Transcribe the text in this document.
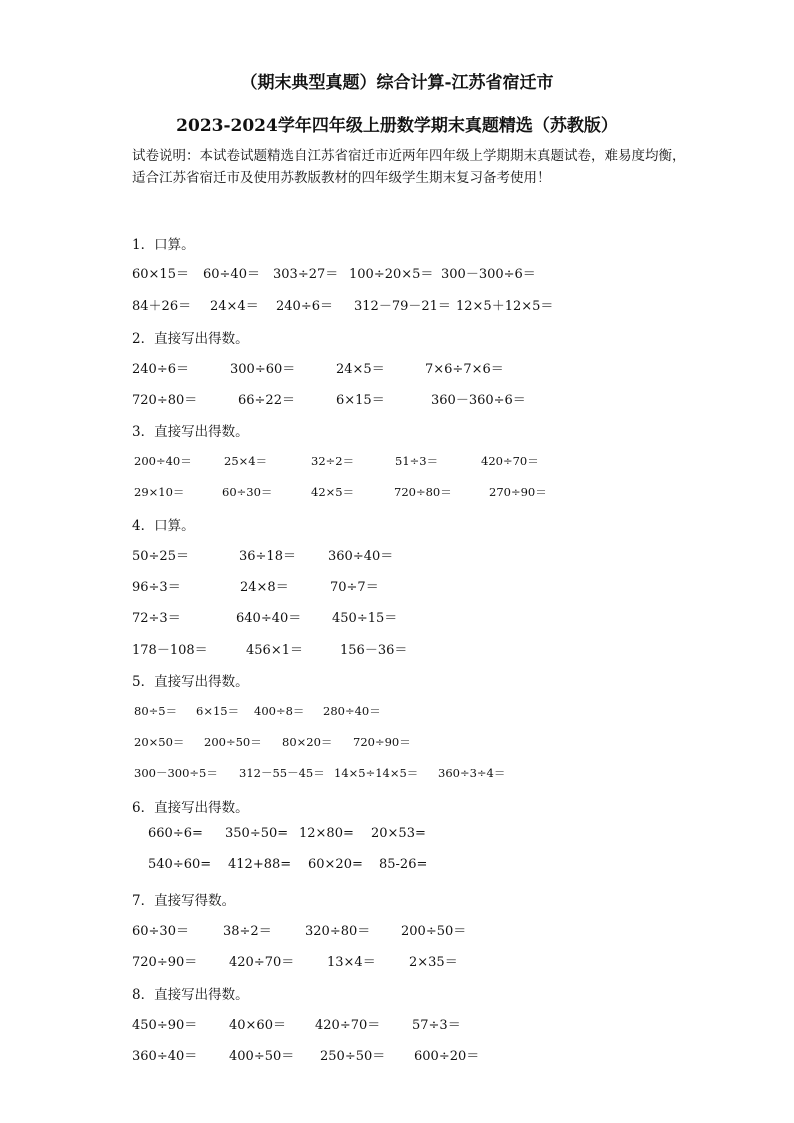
（期末典型真题）综合计算-江苏省宿迁市
2023-2024学年四年级上册数学期末真题精选（苏教版）
试卷说明：本试卷试题精选自江苏省宿迁市近两年四年级上学期期末真题试卷，难易度均衡，适合江苏省宿迁市及使用苏教版教材的四年级学生期末复习备考使用！
1．口算。
60×15＝ 60÷40＝ 303÷27＝ 100÷20×5＝ 300－300÷6＝
84＋26＝ 24×4＝ 240÷6＝ 312－79－21＝ 12×5＋12×5＝
2．直接写出得数。
240÷6＝	300÷60＝	24×5＝	7×6÷7×6＝
720÷80＝	66÷22＝	6×15＝	360－360÷6＝
3．直接写出得数。
200÷40＝	25×4＝	32÷2＝	51÷3＝	420÷70＝
29×10＝	60÷30＝	42×5＝	720÷80＝	270÷90＝
4．口算。
50÷25＝	36÷18＝ 360÷40＝
96÷3＝	24×8＝	70÷7＝
72÷3＝	640÷40＝ 450÷15＝
178－108＝	456×1＝	156－36＝
5．直接写出得数。
80÷5＝ 6×15＝ 400÷8＝ 280÷40＝
20×50＝ 200÷50＝ 80×20＝ 720÷90＝
300－300÷5＝ 312－55－45＝ 14×5÷14×5＝ 360÷3÷4＝
6．直接写出得数。
660÷6= 350÷50= 12×80= 20×53=
540÷60= 412+88= 60×20= 85-26=
7．直接写得数。
60÷30＝	38÷2＝	320÷80＝ 200÷50＝
720÷90＝ 420÷70＝	13×4＝	2×35＝
8．直接写出得数。
450÷90＝ 40×60＝ 420÷70＝ 57÷3＝
360÷40＝ 400÷50＝ 250÷50＝ 600÷20＝
